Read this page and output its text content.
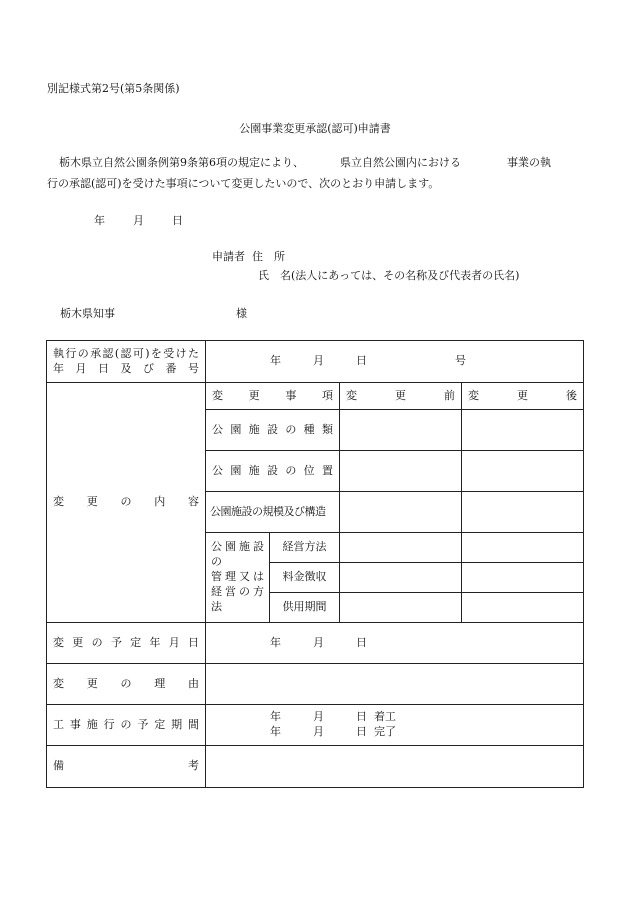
別記様式第2号(第5条関係)
公園事業変更承認(認可)申請書
栃木県立自然公園条例第9条第6項の規定により、	県立自然公園内における	事業の執
行の承認(認可)を受けた事項について変更したいので、次のとおり申請します。
年	月	日
申請者 住　所
氏　名(法人にあっては、その名称及び代表者の氏名)
栃木県知事	様
執行の承認(認可)を受けた
年月日及び番号	年 月 日 号			
変更の内容	変更事項		変更前	変更後
	公園施設の種類			
	公園施設の位置			
	公園施設の規模及び構造			

	公園施設の
管理又は
経営の方法	経営方法		
		料金徴収		
		供用期間		
変更の予定年月日	年 月 日			
変更の理由				
工事施行の予定期間	年 月 日 着工
年 月 日 完了			

備考				
